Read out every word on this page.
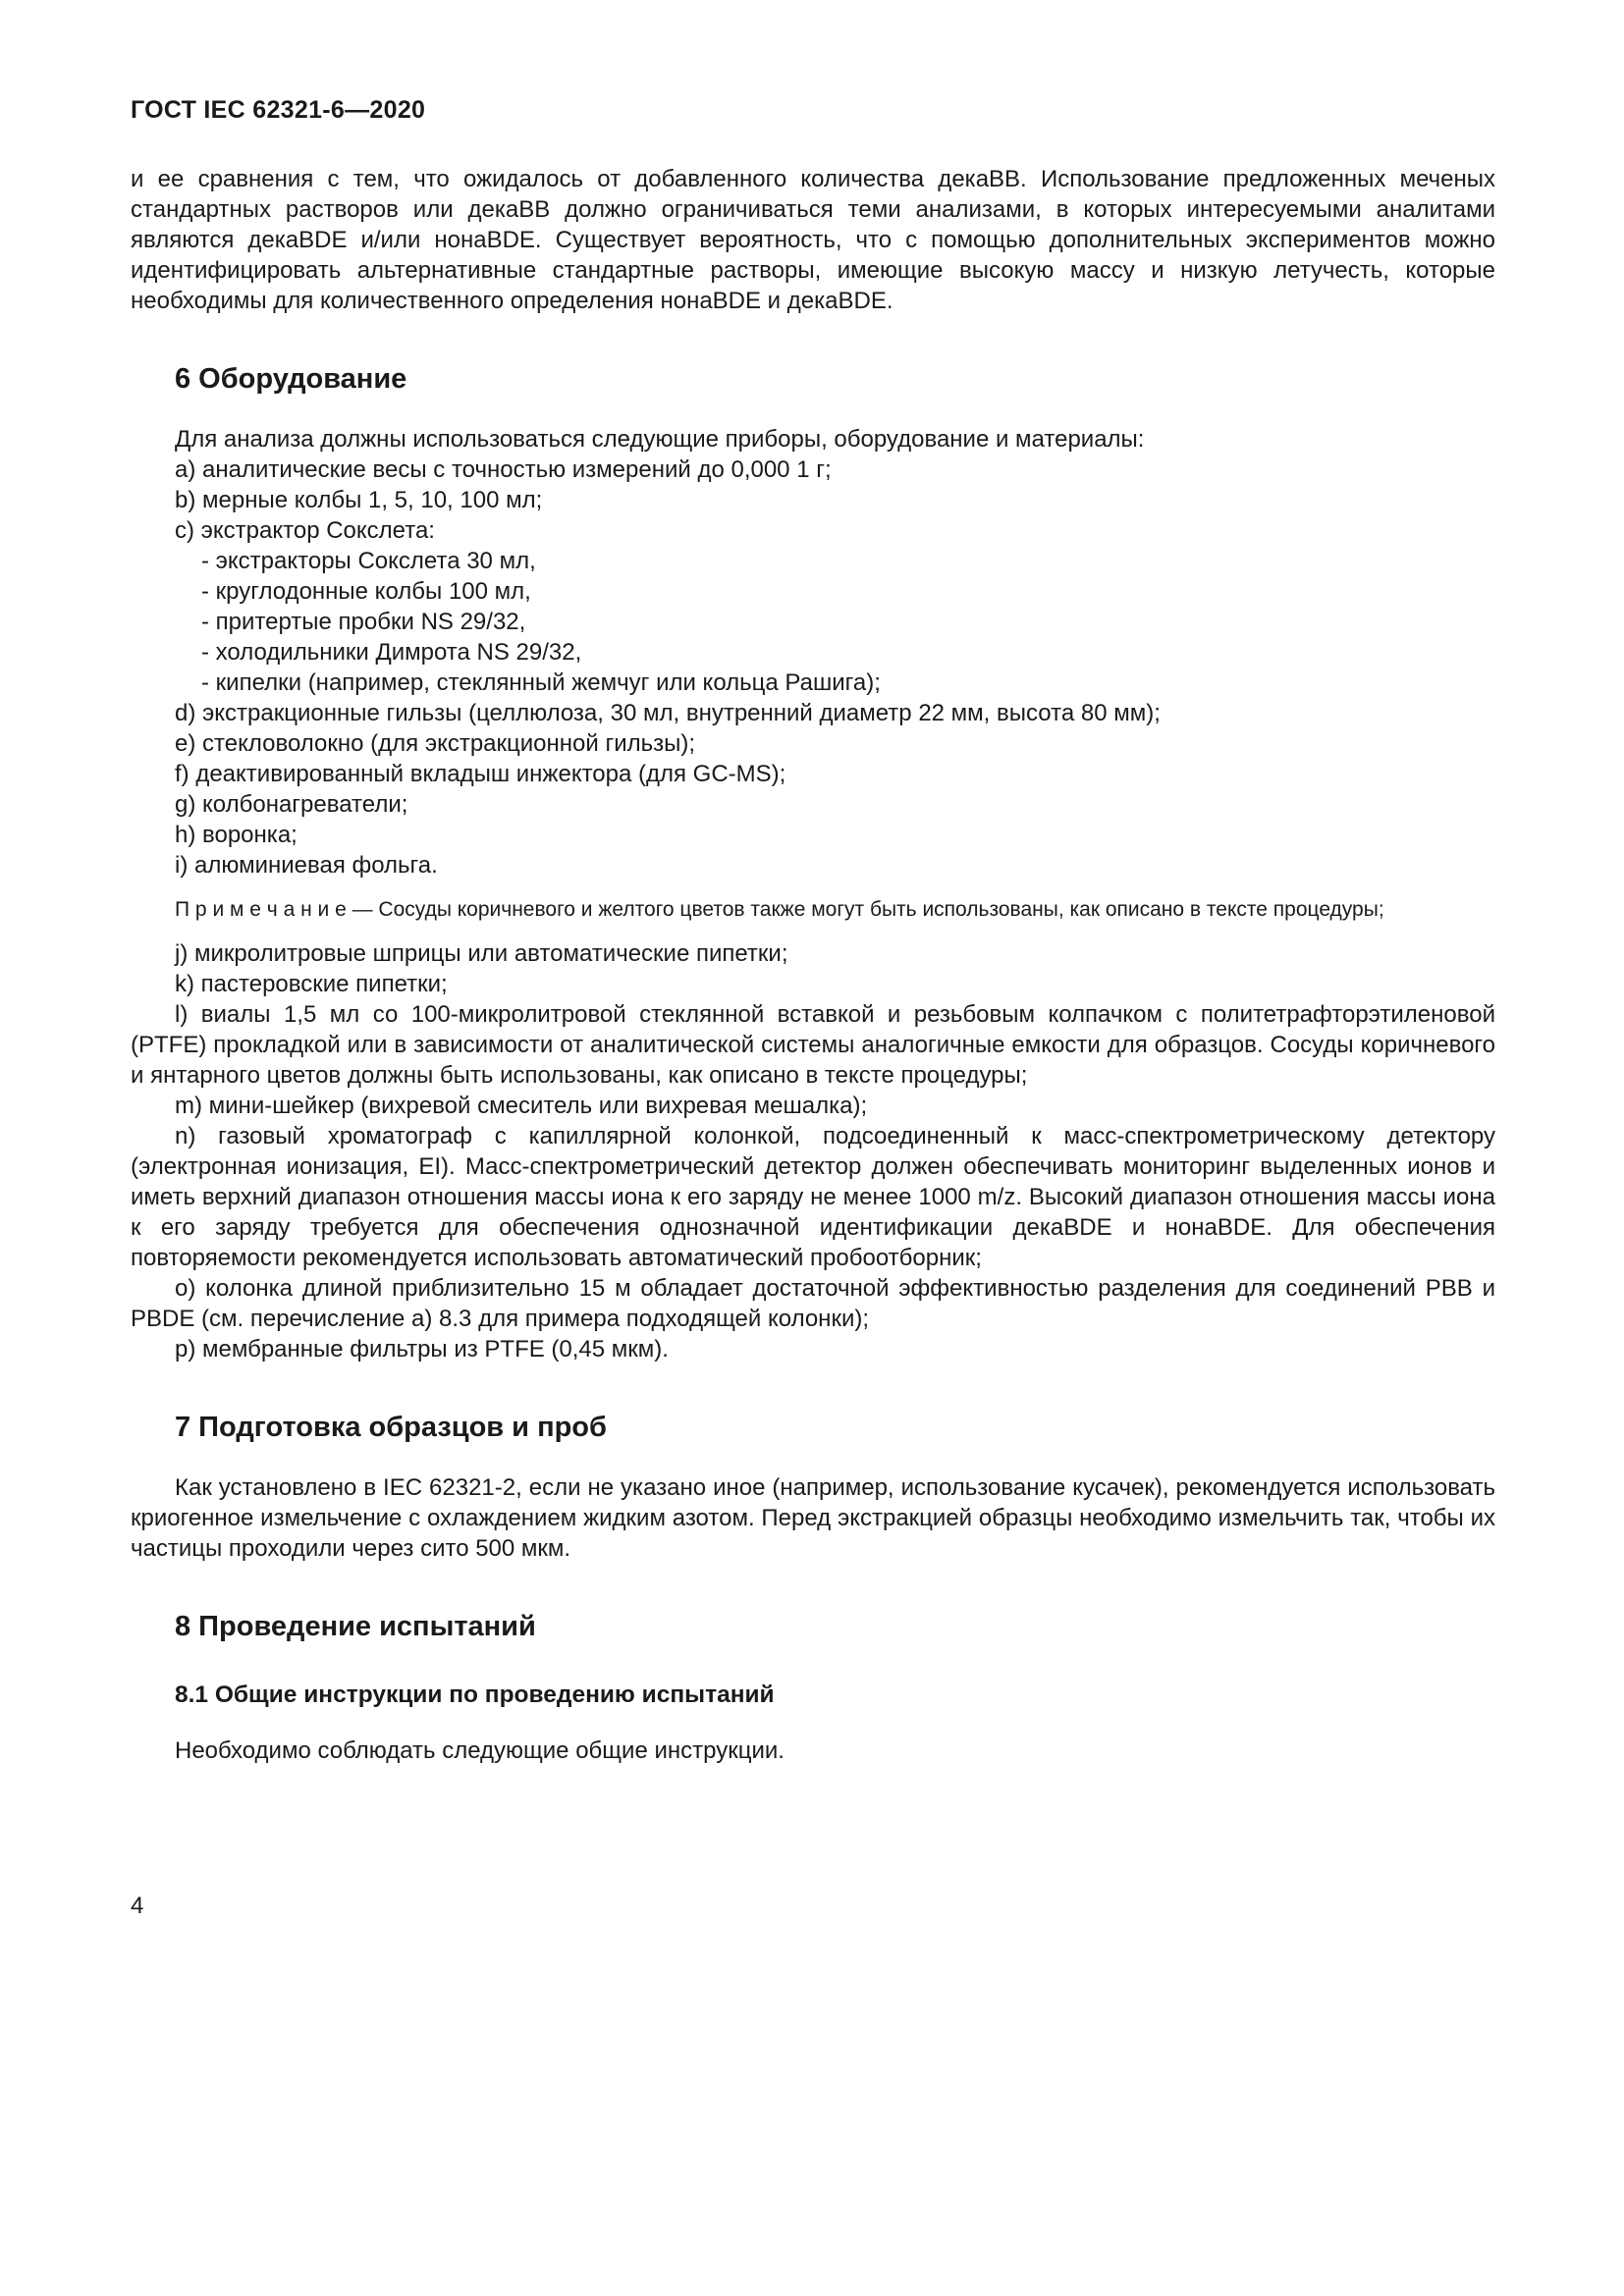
ГОСТ IEC 62321-6—2020

и ее сравнения с тем, что ожидалось от добавленного количества декаBB. Использование предложенных меченых стандартных растворов или декаBB должно ограничиваться теми анализами, в которых интересуемыми аналитами являются декаBDE и/или нонаBDE. Существует вероятность, что с помощью дополнительных экспериментов можно идентифицировать альтернативные стандартные растворы, имеющие высокую массу и низкую летучесть, которые необходимы для количественного определения нонаBDE и декаBDE.

6 Оборудование

Для анализа должны использоваться следующие приборы, оборудование и материалы:

a) аналитические весы с точностью измерений до 0,000 1 г;

b) мерные колбы 1, 5, 10, 100 мл;

c) экстрактор Сокслета:

- экстракторы Сокслета 30 мл,

- круглодонные колбы 100 мл,

- притертые пробки NS 29/32,

- холодильники Димрота NS 29/32,

- кипелки (например, стеклянный жемчуг или кольца Рашига);

d) экстракционные гильзы (целлюлоза, 30 мл, внутренний диаметр 22 мм, высота 80 мм);

e) стекловолокно (для экстракционной гильзы);

f) деактивированный вкладыш инжектора (для GC-MS);

g) колбонагреватели;

h) воронка;

i) алюминиевая фольга.

П р и м е ч а н и е — Сосуды коричневого и желтого цветов также могут быть использованы, как описано в тексте процедуры;

j) микролитровые шприцы или автоматические пипетки;

k) пастеровские пипетки;

l) виалы 1,5 мл со 100-микролитровой стеклянной вставкой и резьбовым колпачком с политетрафторэтиленовой (PTFE) прокладкой или в зависимости от аналитической системы аналогичные емкости для образцов. Сосуды коричневого и янтарного цветов должны быть использованы, как описано в тексте процедуры;

m) мини-шейкер (вихревой смеситель или вихревая мешалка);

n) газовый хроматограф с капиллярной колонкой, подсоединенный к масс-спектрометрическому детектору (электронная ионизация, EI). Масс-спектрометрический детектор должен обеспечивать мониторинг выделенных ионов и иметь верхний диапазон отношения массы иона к его заряду не менее 1000 m/z. Высокий диапазон отношения массы иона к его заряду требуется для обеспечения однозначной идентификации декаBDE и нонаBDE. Для обеспечения повторяемости рекомендуется использовать автоматический пробоотборник;

o) колонка длиной приблизительно 15 м обладает достаточной эффективностью разделения для соединений PBB и PBDE (см. перечисление a) 8.3 для примера подходящей колонки);

p) мембранные фильтры из PTFE (0,45 мкм).

7 Подготовка образцов и проб

Как установлено в IEC 62321-2, если не указано иное (например, использование кусачек), рекомендуется использовать криогенное измельчение с охлаждением жидким азотом. Перед экстракцией образцы необходимо измельчить так, чтобы их частицы проходили через сито 500 мкм.

8 Проведение испытаний
8.1 Общие инструкции по проведению испытаний

Необходимо соблюдать следующие общие инструкции.

4
